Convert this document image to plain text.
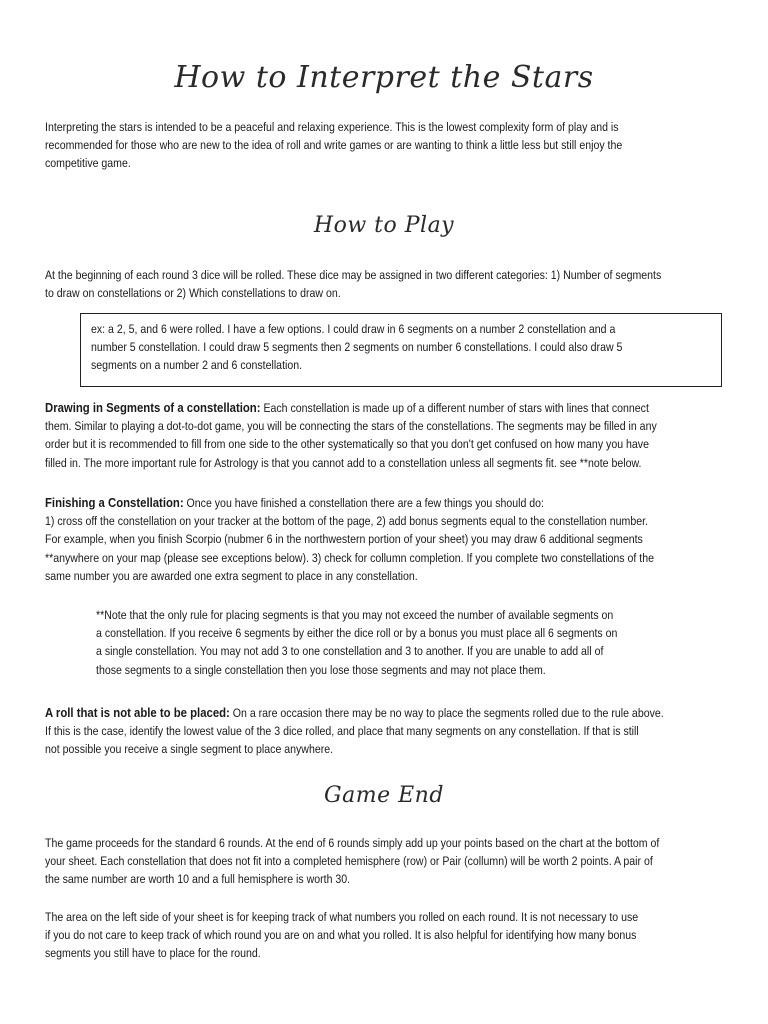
How to Interpret the Stars

Interpreting the stars is intended to be a peaceful and relaxing experience. This is the lowest complexity form of play and is
recommended for those who are new to the idea of roll and write games or are wanting to think a little less but still enjoy the
competitive game.

How to Play

At the beginning of each round 3 dice will be rolled. These dice may be assigned in two different categories: 1) Number of segments
to draw on constellations or 2) Which constellations to draw on.

ex: a 2, 5, and 6 were rolled. I have a few options. I could draw in 6 segments on a number 2 constellation and a
number 5 constellation. I could draw 5 segments then 2 segments on number 6 constellations. I could also draw 5
segments on a number 2 and 6 constellation.

Drawing in Segments of a constellation: Each constellation is made up of a different number of stars with lines that connect
them. Similar to playing a dot-to-dot game, you will be connecting the stars of the constellations. The segments may be filled in any
order but it is recommended to fill from one side to the other systematically so that you don't get confused on how many you have
filled in. The more important rule for Astrology is that you cannot add to a constellation unless all segments fit. see **note below.

Finishing a Constellation: Once you have finished a constellation there are a few things you should do:
1) cross off the constellation on your tracker at the bottom of the page, 2) add bonus segments equal to the constellation number.
For example, when you finish Scorpio (nubmer 6 in the northwestern portion of your sheet) you may draw 6 additional segments
**anywhere on your map (please see exceptions below). 3) check for collumn completion. If you complete two constellations of the
same number you are awarded one extra segment to place in any constellation.

**Note that the only rule for placing segments is that you may not exceed the number of available segments on
a constellation. If you receive 6 segments by either the dice roll or by a bonus you must place all 6 segments on
a single constellation. You may not add 3 to one constellation and 3 to another. If you are unable to add all of
those segments to a single constellation then you lose those segments and may not place them.

A roll that is not able to be placed: On a rare occasion there may be no way to place the segments rolled due to the rule above.
If this is the case, identify the lowest value of the 3 dice rolled, and place that many segments on any constellation. If that is still
not possible you receive a single segment to place anywhere.

Game End

The game proceeds for the standard 6 rounds. At the end of 6 rounds simply add up your points based on the chart at the bottom of
your sheet. Each constellation that does not fit into a completed hemisphere (row) or Pair (collumn) will be worth 2 points. A pair of
the same number are worth 10 and a full hemisphere is worth 30.

The area on the left side of your sheet is for keeping track of what numbers you rolled on each round. It is not necessary to use
if you do not care to keep track of which round you are on and what you rolled. It is also helpful for identifying how many bonus
segments you still have to place for the round.
